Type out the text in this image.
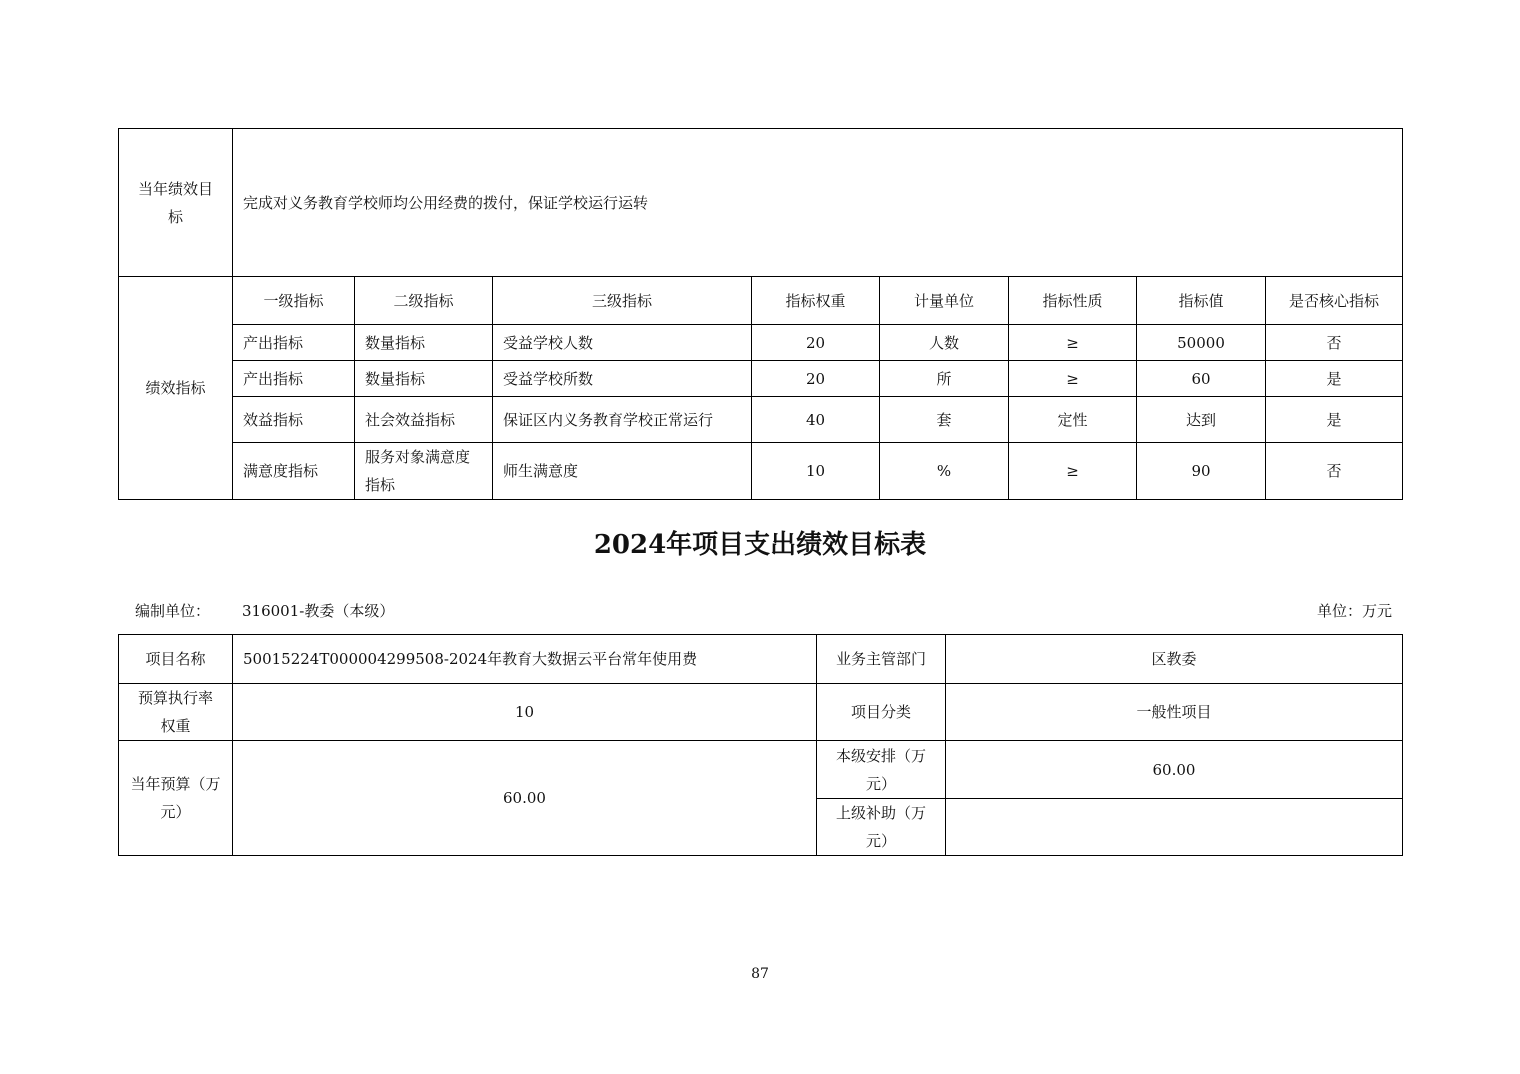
当年绩效目标	完成对义务教育学校师均公用经费的拨付，保证学校运行运转							
绩效指标	一级指标	二级指标	三级指标	指标权重	计量单位	指标性质	指标值	是否核心指标
	产出指标	数量指标	受益学校人数	20	人数	≥	50000	否
	产出指标	数量指标	受益学校所数	20	所	≥	60	是
	效益指标	社会效益指标	保证区内义务教育学校正常运行	40	套	定性	达到	是
	满意度指标	服务对象满意度指标	师生满意度	10	%	≥	90	否
2024年项目支出绩效目标表
编制单位： 316001-教委（本级）	单位：万元
项目名称	50015224T000004299508-2024年教育大数据云平台常年使用费	业务主管部门	区教委
预算执行率权重	10	项目分类	一般性项目
当年预算（万元）	60.00	本级安排（万元）	60.00
		上级补助（万元）	
87
